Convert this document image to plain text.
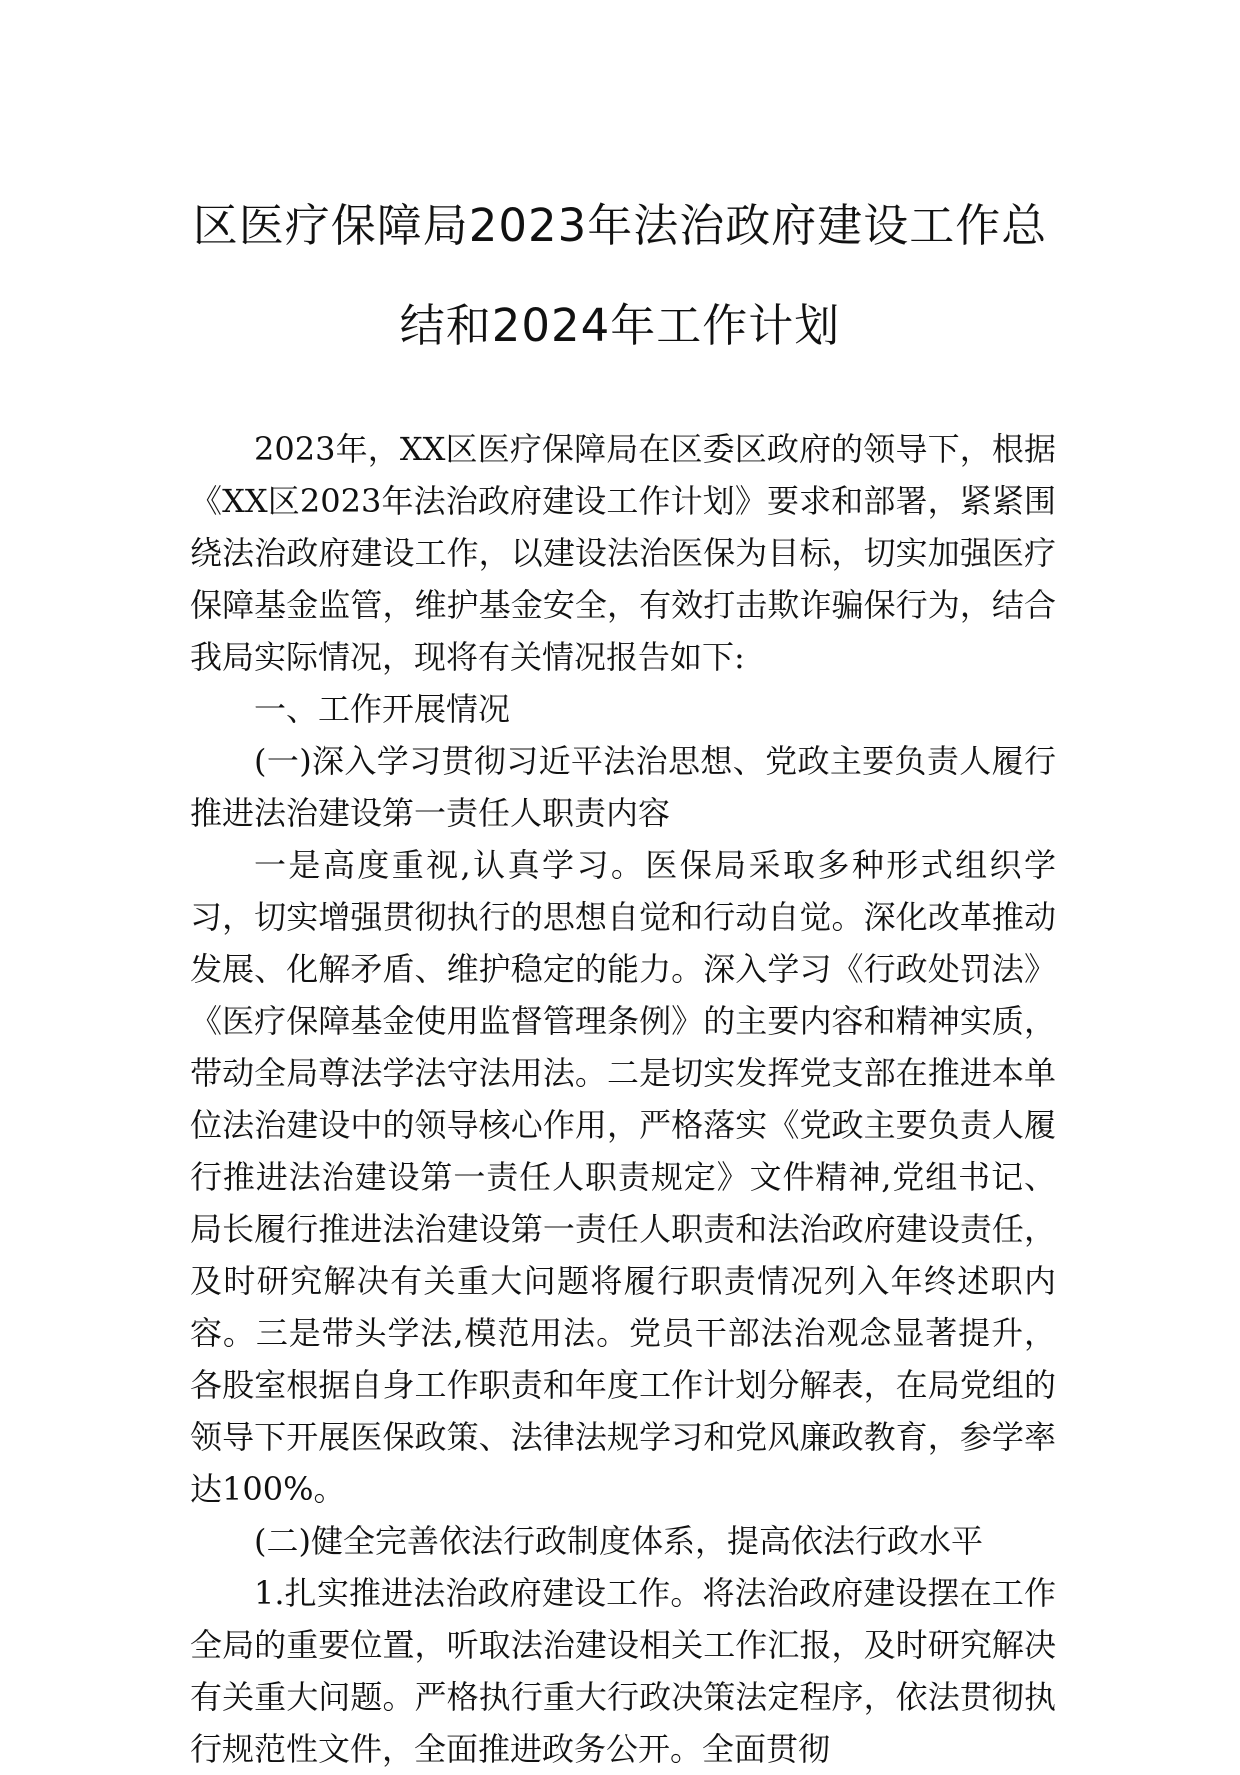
区医疗保障局2023年法治政府建设工作总
结和2024年工作计划

2023年，XX区医疗保障局在区委区政府的领导下，根据《XX区2023年法治政府建设工作计划》要求和部署，紧紧围绕法治政府建设工作，以建设法治医保为目标，切实加强医疗保障基金监管，维护基金安全，有效打击欺诈骗保行为，结合我局实际情况，现将有关情况报告如下:

一、工作开展情况

(一)深入学习贯彻习近平法治思想、党政主要负责人履行推进法治建设第一责任人职责内容

一是高度重视,认真学习。医保局采取多种形式组织学习，切实增强贯彻执行的思想自觉和行动自觉。深化改革推动发展、化解矛盾、维护稳定的能力。深入学习《行政处罚法》《医疗保障基金使用监督管理条例》的主要内容和精神实质，带动全局尊法学法守法用法。二是切实发挥党支部在推进本单位法治建设中的领导核心作用，严格落实《党政主要负责人履行推进法治建设第一责任人职责规定》文件精神,党组书记、局长履行推进法治建设第一责任人职责和法治政府建设责任，及时研究解决有关重大问题将履行职责情况列入年终述职内容。三是带头学法,模范用法。党员干部法治观念显著提升，各股室根据自身工作职责和年度工作计划分解表，在局党组的领导下开展医保政策、法律法规学习和党风廉政教育，参学率达100%。

(二)健全完善依法行政制度体系，提高依法行政水平

1.扎实推进法治政府建设工作。将法治政府建设摆在工作全局的重要位置，听取法治建设相关工作汇报，及时研究解决有关重大问题。严格执行重大行政决策法定程序，依法贯彻执行规范性文件，全面推进政务公开。全面贯彻
